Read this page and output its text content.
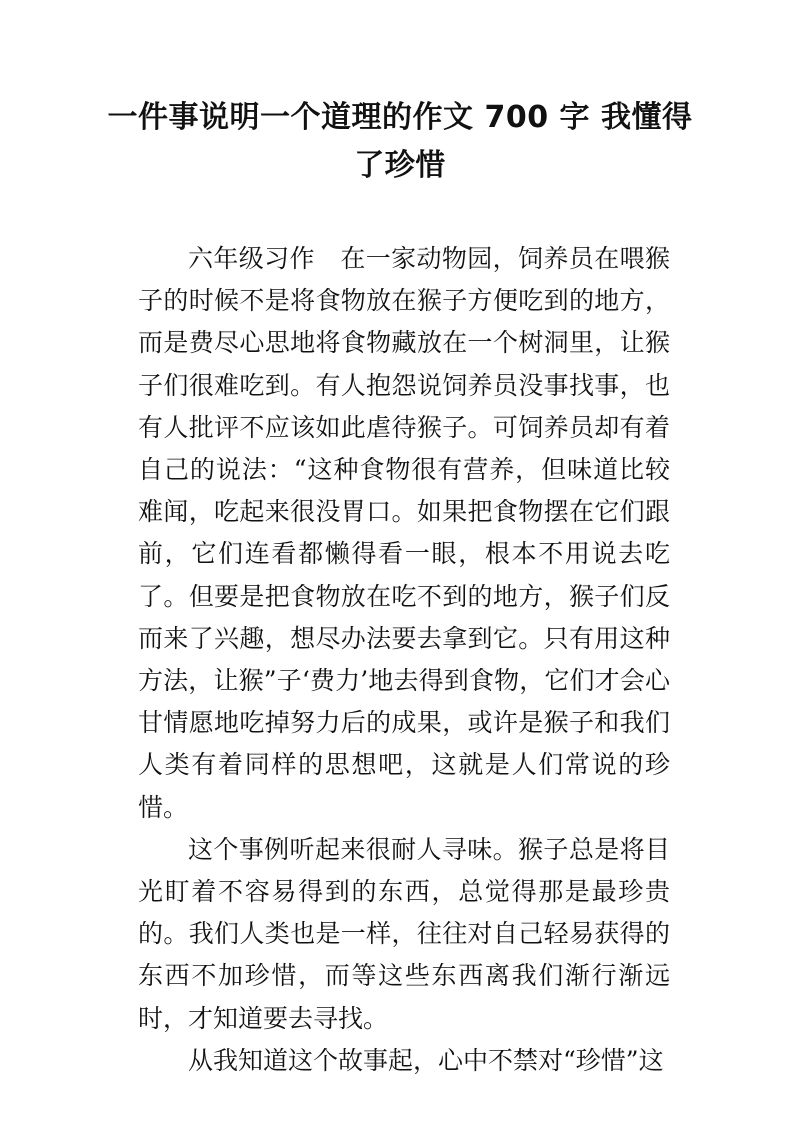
一件事说明一个道理的作文 700 字 我懂得了珍惜

六年级习作　在一家动物园，饲养员在喂猴子的时候不是将食物放在猴子方便吃到的地方，而是费尽心思地将食物藏放在一个树洞里，让猴子们很难吃到。有人抱怨说饲养员没事找事，也有人批评不应该如此虐待猴子。可饲养员却有着自己的说法：“这种食物很有营养，但味道比较难闻，吃起来很没胃口。如果把食物摆在它们跟前，它们连看都懒得看一眼，根本不用说去吃了。但要是把食物放在吃不到的地方，猴子们反而来了兴趣，想尽办法要去拿到它。只有用这种方法，让猴”子‘费力’地去得到食物，它们才会心甘情愿地吃掉努力后的成果，或许是猴子和我们人类有着同样的思想吧，这就是人们常说的珍惜。

这个事例听起来很耐人寻味。猴子总是将目光盯着不容易得到的东西，总觉得那是最珍贵的。我们人类也是一样，往往对自己轻易获得的东西不加珍惜，而等这些东西离我们渐行渐远时，才知道要去寻找。

从我知道这个故事起，心中不禁对“珍惜”这
